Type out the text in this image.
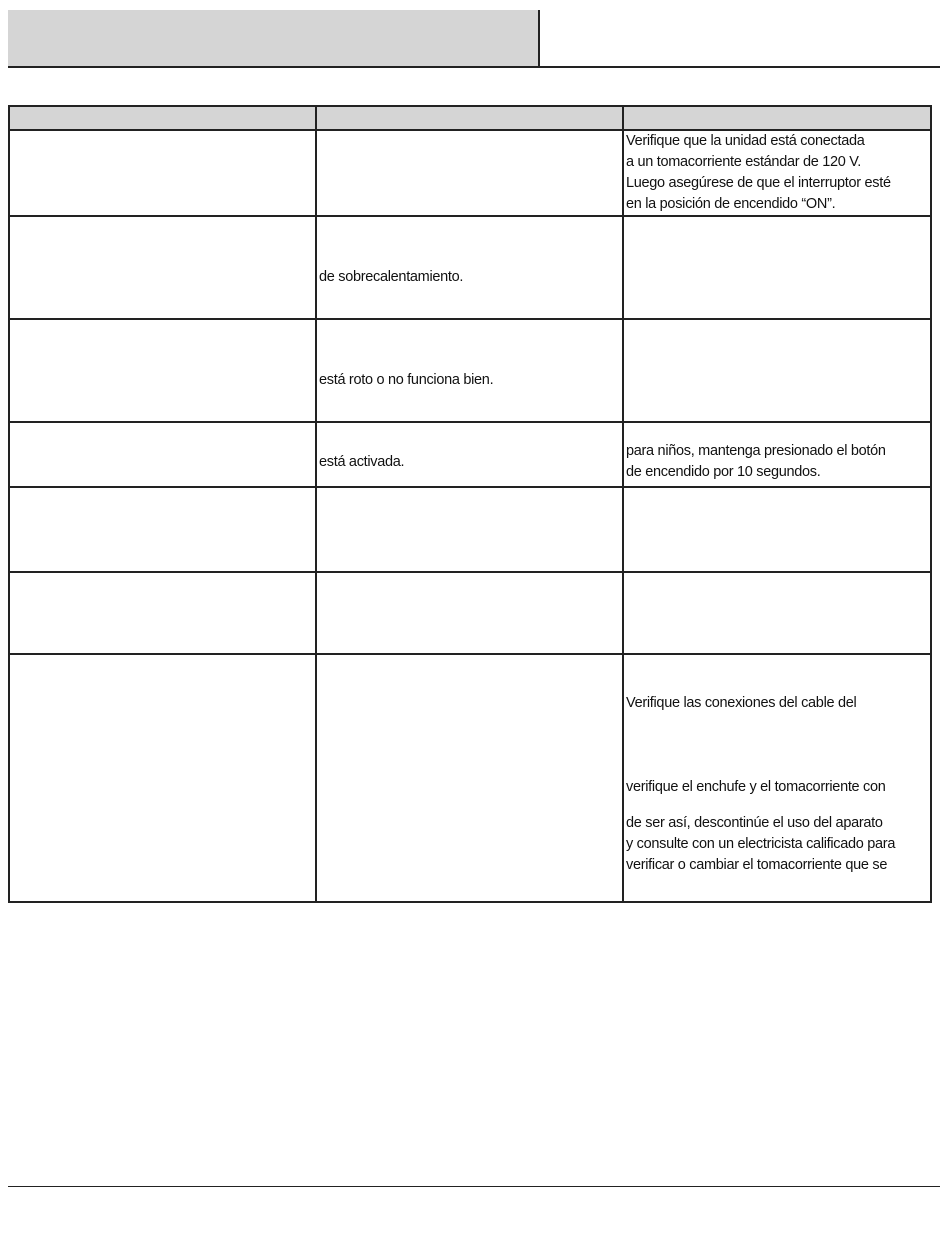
		Verifique que la unidad está conectada
a un tomacorriente estándar de 120 V.
Luego asegúrese de que el interruptor esté
en la posición de encendido “ON”.

	de sobrecalentamiento.	

	está roto o no funciona bien.	

	está activada.	para niños, mantenga presionado el botón
de encendido por 10 segundos.

		Verifique las conexiones del cable del
verifique el enchufe y el tomacorriente con
de ser así, descontinúe el uso del aparato
y consulte con un electricista calificado para
verificar o cambiar el tomacorriente que se
